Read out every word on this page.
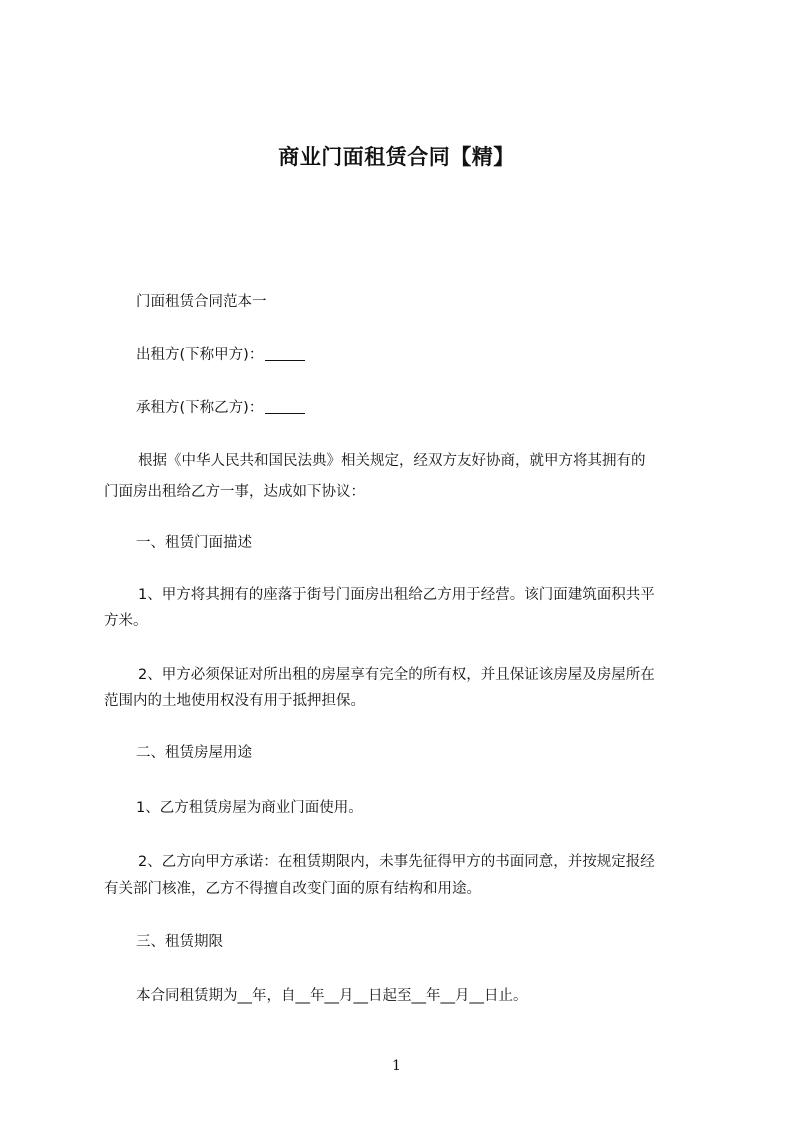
商业门面租赁合同【精】
门面租赁合同范本一
出租方(下称甲方)：
承租方(下称乙方)：
根据《中华人民共和国民法典》相关规定，经双方友好协商，就甲方将其拥有的
门面房出租给乙方一事，达成如下协议：
一、租赁门面描述
1、甲方将其拥有的座落于街号门面房出租给乙方用于经营。该门面建筑面积共平
方米。
2、甲方必须保证对所出租的房屋享有完全的所有权，并且保证该房屋及房屋所在
范围内的土地使用权没有用于抵押担保。
二、租赁房屋用途
1、乙方租赁房屋为商业门面使用。
2、乙方向甲方承诺：在租赁期限内，未事先征得甲方的书面同意，并按规定报经
有关部门核准，乙方不得擅自改变门面的原有结构和用途。
三、租赁期限
本合同租赁期为__年，自__年__月__日起至__年__月__日止。
1
